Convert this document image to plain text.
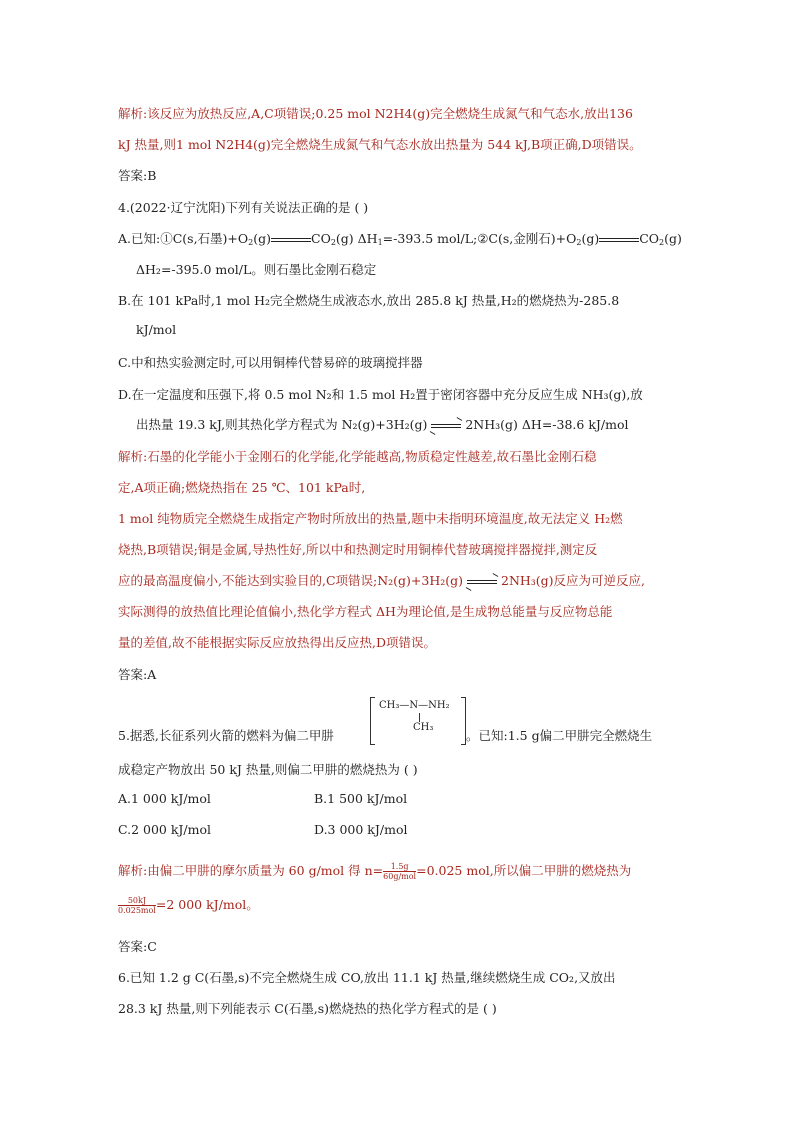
解析:该反应为放热反应,A,C项错误;0.25 mol N2H4(g)完全燃烧生成氮气和气态水,放出136
kJ 热量,则1 mol N2H4(g)完全燃烧生成氮气和气态水放出热量为 544 kJ,B项正确,D项错误。
答案:B
4.(2022·辽宁沈阳)下列有关说法正确的是 ( )
A.已知:①C(s,石墨)$+O_2(g)$	$CO_2(g)$ $\Delta H_1=-393.5$ mol/L;②C(s,金刚石)$+O_2(g)$	$CO_2(g)$
ΔH₂=-395.0 mol/L。则石墨比金刚石稳定
B.在 101 kPa时,1 mol H₂完全燃烧生成液态水,放出 285.8 kJ 热量,H₂的燃烧热为-285.8
kJ/mol
C.中和热实验测定时,可以用铜棒代替易碎的玻璃搅拌器
D.在一定温度和压强下,将 0.5 mol N₂和 1.5 mol H₂置于密闭容器中充分反应生成 NH₃(g),放
出热量 19.3 kJ,则其热化学方程式为 N₂(g)+3H₂(g)	2NH₃(g) ΔH=-38.6 kJ/mol
解析:石墨的化学能小于金刚石的化学能,化学能越高,物质稳定性越差,故石墨比金刚石稳
定,A项正确;燃烧热指在 25 ℃、101 kPa时,
1 mol 纯物质完全燃烧生成指定产物时所放出的热量,题中未指明环境温度,故无法定义 H₂燃
烧热,B项错误;铜是金属,导热性好,所以中和热测定时用铜棒代替玻璃搅拌器搅拌,测定反
应的最高温度偏小,不能达到实验目的,C项错误;N₂(g)+3H₂(g)	2NH₃(g)反应为可逆反应,
实际测得的放热值比理论值偏小,热化学方程式 ΔH为理论值,是生成物总能量与反应物总能
量的差值,故不能根据实际反应放热得出反应热,D项错误。
答案:A
5.据悉,长征系列火箭的燃料为偏二甲肼
CH₃—N—NH₂
CH₃
。已知:1.5 g偏二甲肼完全燃烧生
成稳定产物放出 50 kJ 热量,则偏二甲肼的燃烧热为 ( )
A.1 000 kJ/mol	B.1 500 kJ/mol
C.2 000 kJ/mol	D.3 000 kJ/mol
解析:由偏二甲肼的摩尔质量为 60 g/mol 得 $n= \frac{1.5g}{\text{60g/mol}} =0.025$ mol,所以偏二甲肼的燃烧热为
$\frac{50kJ}{\text{0.025mol}} =2$ 000 kJ/mol。
答案:C
6.已知 1.2 g C(石墨,s)不完全燃烧生成 CO,放出 11.1 kJ 热量,继续燃烧生成 CO₂,又放出
28.3 kJ 热量,则下列能表示 C(石墨,s)燃烧热的热化学方程式的是 ( )
